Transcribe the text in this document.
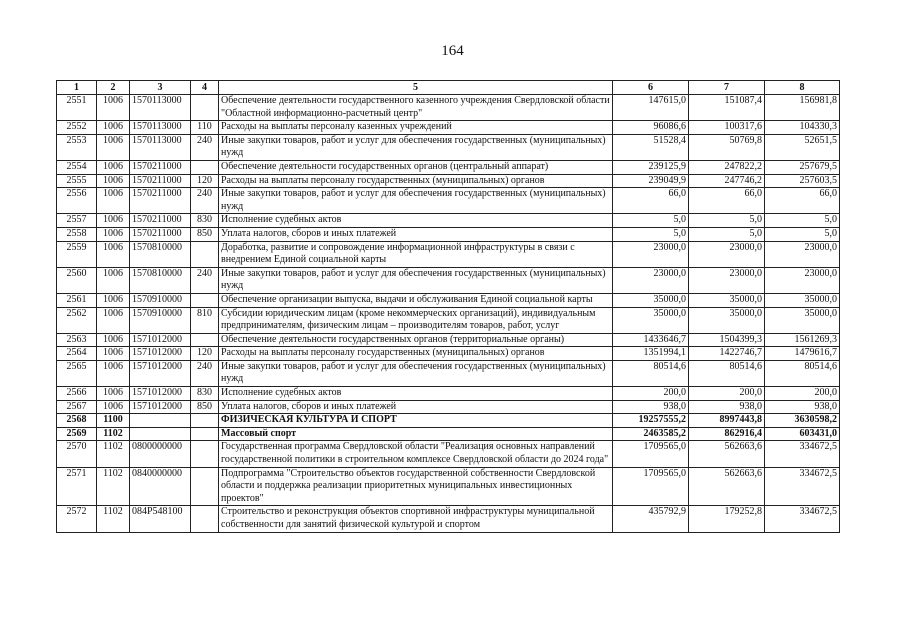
164
1	2	3	4	5	6	7	8
2551	1006	1570113000		Обеспечение деятельности государственного казенного учреждения Свердловской области "Областной информационно-расчетный центр"	147615,0	151087,4	156981,8
2552	1006	1570113000	110	Расходы на выплаты персоналу казенных учреждений	96086,6	100317,6	104330,3
2553	1006	1570113000	240	Иные закупки товаров, работ и услуг для обеспечения государственных (муниципальных) нужд	51528,4	50769,8	52651,5
2554	1006	1570211000		Обеспечение деятельности государственных органов (центральный аппарат)	239125,9	247822,2	257679,5
2555	1006	1570211000	120	Расходы на выплаты персоналу государственных (муниципальных) органов	239049,9	247746,2	257603,5
2556	1006	1570211000	240	Иные закупки товаров, работ и услуг для обеспечения государственных (муниципальных) нужд	66,0	66,0	66,0
2557	1006	1570211000	830	Исполнение судебных актов	5,0	5,0	5,0
2558	1006	1570211000	850	Уплата налогов, сборов и иных платежей	5,0	5,0	5,0
2559	1006	1570810000		Доработка, развитие и сопровождение информационной инфраструктуры в связи с внедрением Единой социальной карты	23000,0	23000,0	23000,0
2560	1006	1570810000	240	Иные закупки товаров, работ и услуг для обеспечения государственных (муниципальных) нужд	23000,0	23000,0	23000,0
2561	1006	1570910000		Обеспечение организации выпуска, выдачи и обслуживания Единой социальной карты	35000,0	35000,0	35000,0
2562	1006	1570910000	810	Субсидии юридическим лицам (кроме некоммерческих организаций), индивидуальным предпринимателям, физическим лицам – производителям товаров, работ, услуг	35000,0	35000,0	35000,0
2563	1006	1571012000		Обеспечение деятельности государственных органов (территориальные органы)	1433646,7	1504399,3	1561269,3
2564	1006	1571012000	120	Расходы на выплаты персоналу государственных (муниципальных) органов	1351994,1	1422746,7	1479616,7
2565	1006	1571012000	240	Иные закупки товаров, работ и услуг для обеспечения государственных (муниципальных) нужд	80514,6	80514,6	80514,6
2566	1006	1571012000	830	Исполнение судебных актов	200,0	200,0	200,0
2567	1006	1571012000	850	Уплата налогов, сборов и иных платежей	938,0	938,0	938,0
2568	1100			ФИЗИЧЕСКАЯ КУЛЬТУРА И СПОРТ	19257555,2	8997443,8	3630598,2
2569	1102			Массовый спорт	2463585,2	862916,4	603431,0
2570	1102	0800000000		Государственная программа Свердловской области "Реализация основных направлений государственной политики в строительном комплексе Свердловской области до 2024 года"	1709565,0	562663,6	334672,5
2571	1102	0840000000		Подпрограмма "Строительство объектов государственной собственности Свердловской области и поддержка реализации приоритетных муниципальных инвестиционных проектов"	1709565,0	562663,6	334672,5
2572	1102	084P548100		Строительство и реконструкция объектов спортивной инфраструктуры муниципальной собственности для занятий физической культурой и спортом	435792,9	179252,8	334672,5
